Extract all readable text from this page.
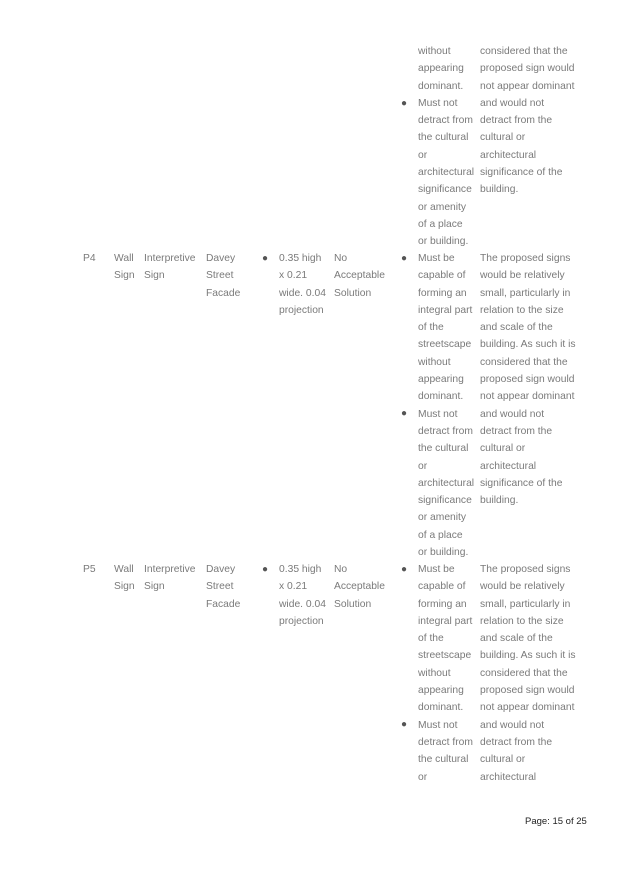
without
appearing
dominant.
Must not
detract from
the cultural
or
architectural
significance
or amenity
of a place
or building.
●
considered that the
proposed sign would
not appear dominant
and would not
detract from the
cultural or
architectural
significance of the
building.
P4 Wall
Sign
Interpretive
Sign
Davey
Street
Facade
● 0.35 high
x 0.21
wide. 0.04
projection
No
Acceptable
Solution
●
●
Must be
capable of
forming an
integral part
of the
streetscape
without
appearing
dominant.
Must not
detract from
the cultural
or
architectural
significance
or amenity
of a place
or building.
The proposed signs
would be relatively
small, particularly in
relation to the size
and scale of the
building. As such it is
considered that the
proposed sign would
not appear dominant
and would not
detract from the
cultural or
architectural
significance of the
building.
P5 Wall
Sign
Interpretive
Sign
Davey
Street
Facade
● 0.35 high
x 0.21
wide. 0.04
projection
No
Acceptable
Solution
●
●
Must be
capable of
forming an
integral part
of the
streetscape
without
appearing
dominant.
Must not
detract from
the cultural
or
The proposed signs
would be relatively
small, particularly in
relation to the size
and scale of the
building. As such it is
considered that the
proposed sign would
not appear dominant
and would not
detract from the
cultural or
architectural
Page: 15 of 25
